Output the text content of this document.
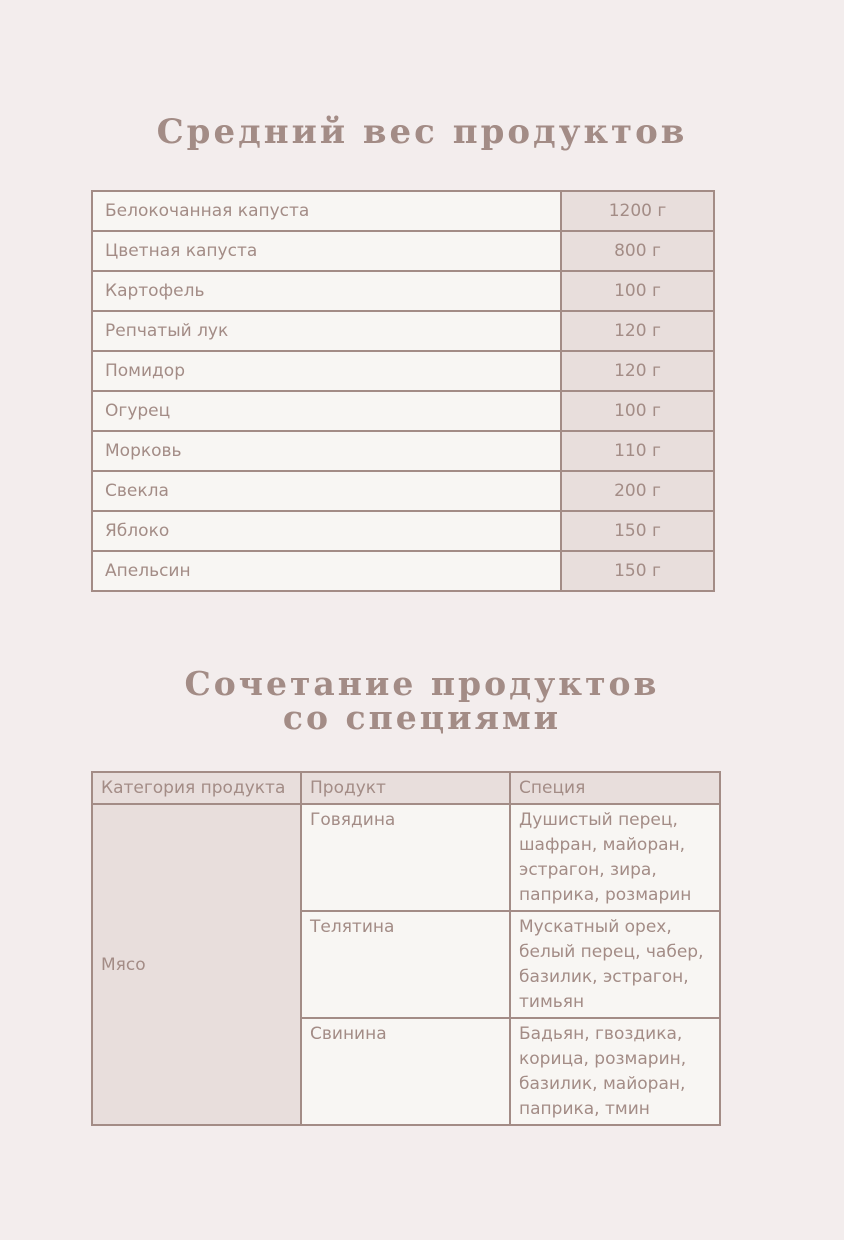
Средний вес продуктов
Белокочанная капуста	1200 г
Цветная капуста	800 г
Картофель	100 г
Репчатый лук	120 г
Помидор	120 г
Огурец	100 г
Морковь	110 г
Свекла	200 г
Яблоко	150 г
Апельсин	150 г
Сочетание продуктов
со специями
Категория продукта	Продукт	Специя
Мясо	Говядина	Душистый перец, шафран, майоран, эстрагон, зира, паприка, розмарин
	Телятина	Мускатный орех, белый перец, чабер, базилик, эстрагон, тимьян
	Свинина	Бадьян, гвоздика, корица, розмарин, базилик, майоран, паприка, тмин
